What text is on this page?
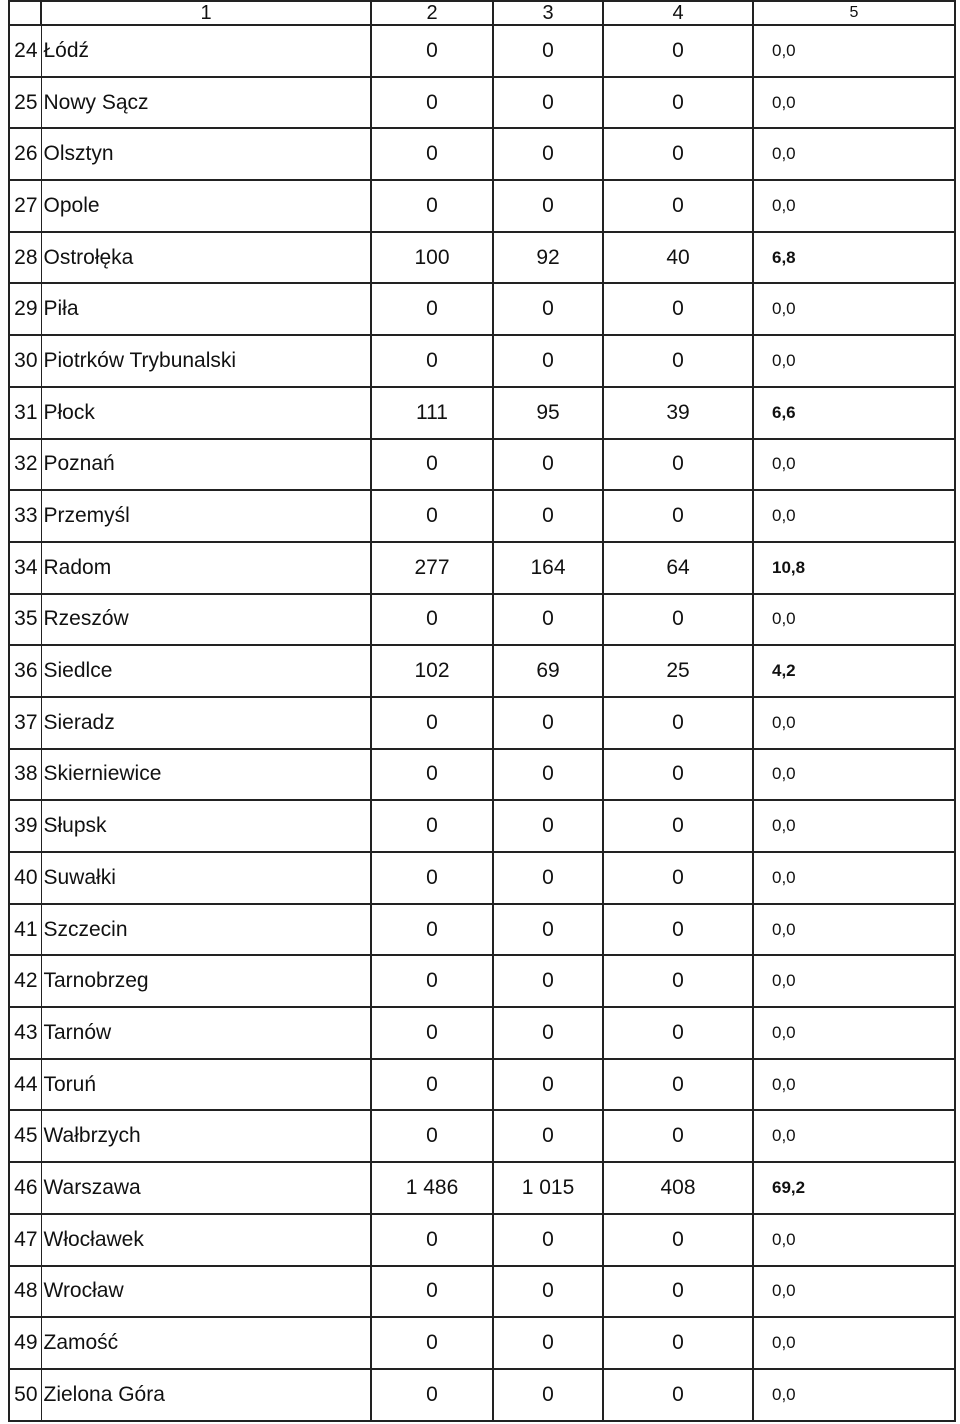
	1	2	3	4	5
24	Łódź	0	0	0	0,0
25	Nowy Sącz	0	0	0	0,0
26	Olsztyn	0	0	0	0,0
27	Opole	0	0	0	0,0
28	Ostrołęka	100	92	40	6,8
29	Piła	0	0	0	0,0
30	Piotrków Trybunalski	0	0	0	0,0
31	Płock	111	95	39	6,6
32	Poznań	0	0	0	0,0
33	Przemyśl	0	0	0	0,0
34	Radom	277	164	64	10,8
35	Rzeszów	0	0	0	0,0
36	Siedlce	102	69	25	4,2
37	Sieradz	0	0	0	0,0
38	Skierniewice	0	0	0	0,0
39	Słupsk	0	0	0	0,0
40	Suwałki	0	0	0	0,0
41	Szczecin	0	0	0	0,0
42	Tarnobrzeg	0	0	0	0,0
43	Tarnów	0	0	0	0,0
44	Toruń	0	0	0	0,0
45	Wałbrzych	0	0	0	0,0
46	Warszawa	1 486	1 015	408	69,2
47	Włocławek	0	0	0	0,0
48	Wrocław	0	0	0	0,0
49	Zamość	0	0	0	0,0
50	Zielona Góra	0	0	0	0,0
